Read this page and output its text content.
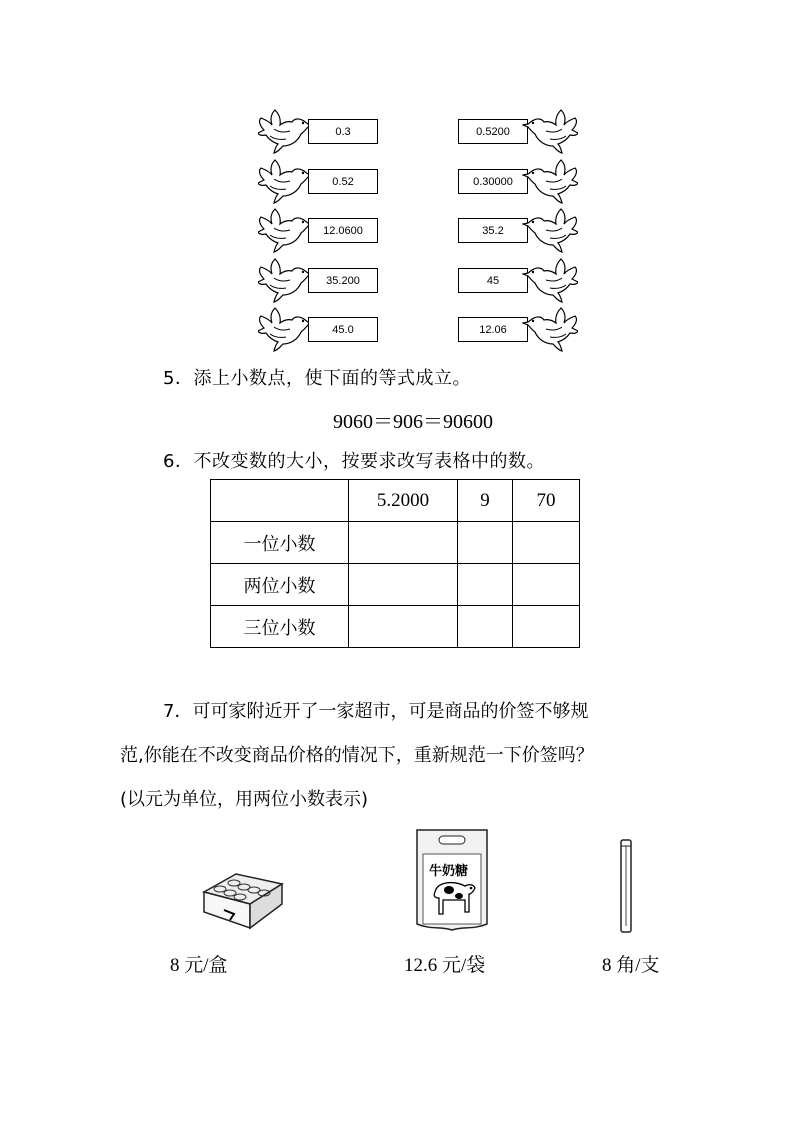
0.3
0.52
12.0600
35.200
45.0
0.5200
0.30000
35.2
45
12.06
5．添上小数点，使下面的等式成立。
9060＝906＝90600
6．不改变数的大小，按要求改写表格中的数。
	5.2000	9	70
一位小数			
两位小数			
三位小数			
7．可可家附近开了一家超市，可是商品的价签不够规
范,你能在不改变商品价格的情况下，重新规范一下价签吗？
(以元为单位，用两位小数表示)
牛奶糖
8 元/盒	12.6 元/袋	8 角/支
